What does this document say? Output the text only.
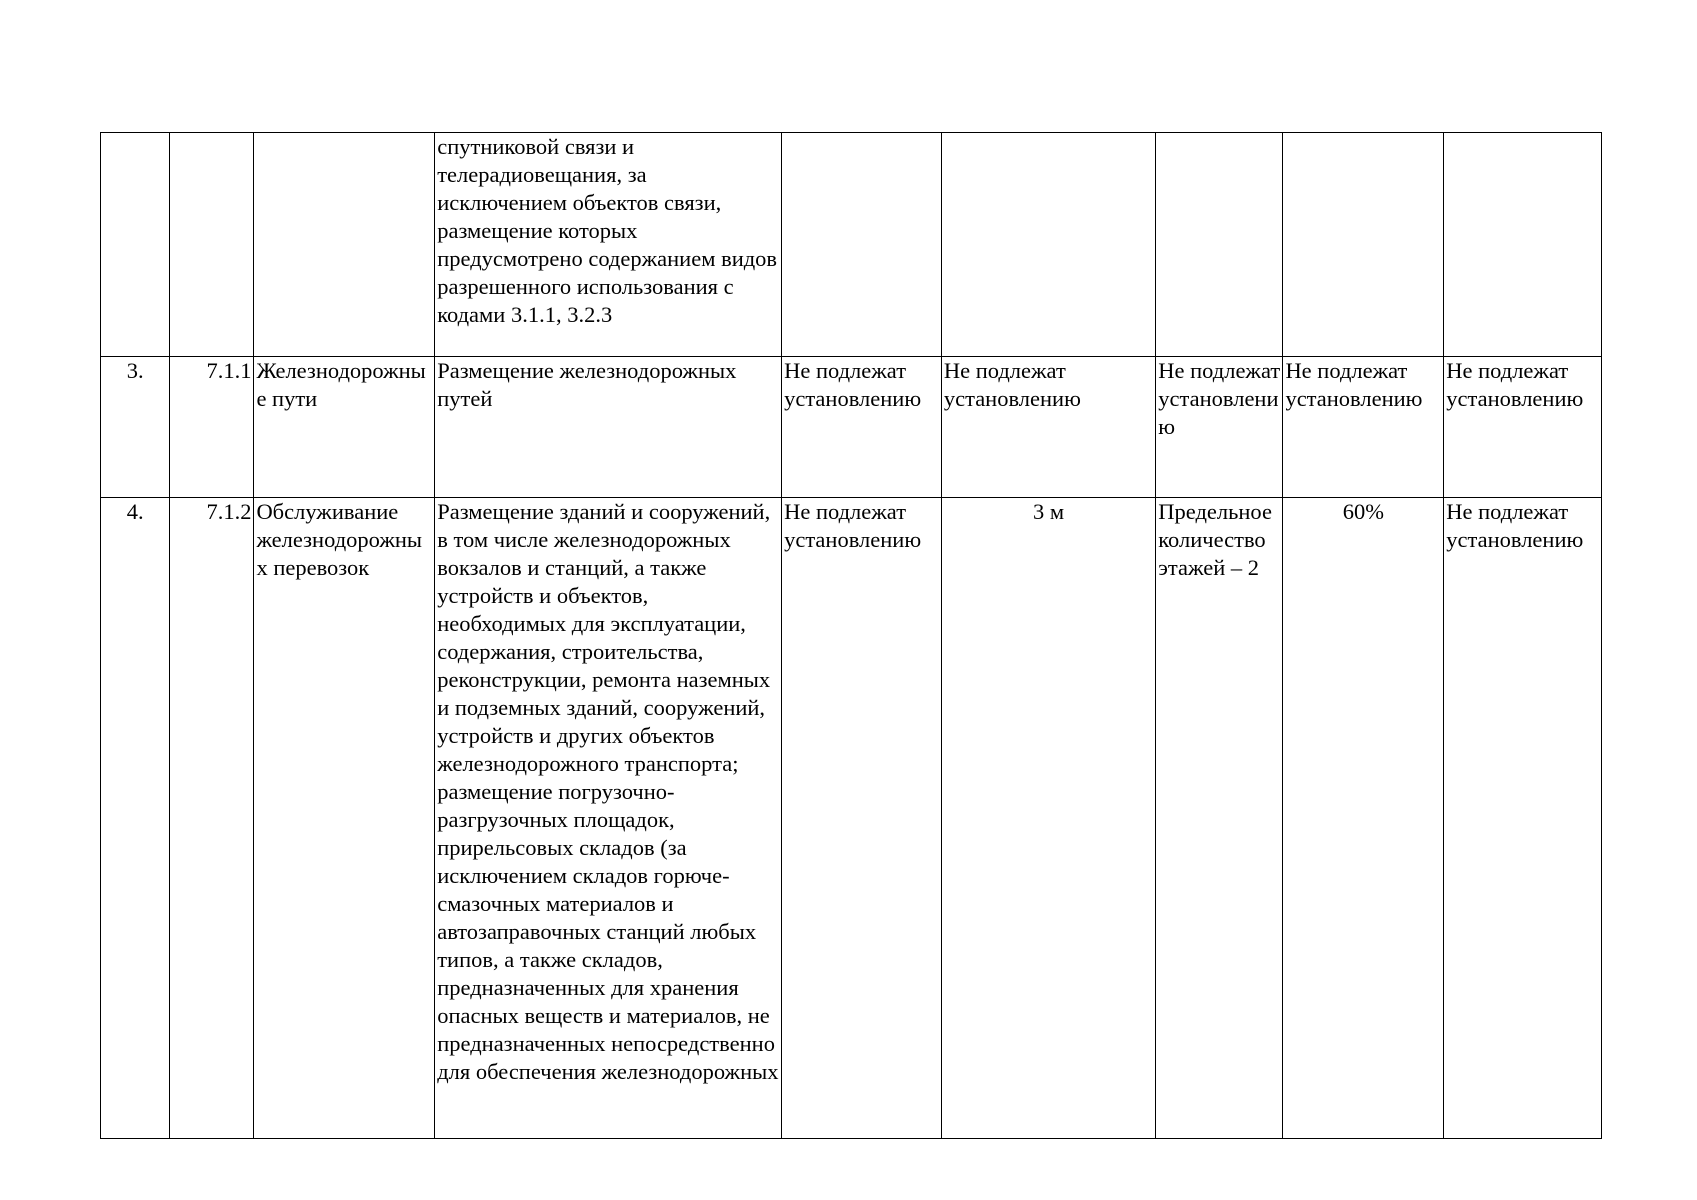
			спутниковой связи и телерадиовещания, за исключением объектов связи, размещение которых предусмотрено содержанием видов разрешенного использования с кодами 3.1.1, 3.2.3					

3.	7.1.1	Железнодорожные пути	Размещение железнодорожных путей	Не подлежат установлению	Не подлежат установлению	Не подлежат установлению	Не подлежат установлению	Не подлежат установлению
4.	7.1.2	Обслуживание железнодорожных перевозок	Размещение зданий и сооружений, в том числе железнодорожных вокзалов и станций, а также устройств и объектов, необходимых для эксплуатации, содержания, строительства, реконструкции, ремонта наземных и подземных зданий, сооружений, устройств и других объектов железнодорожного транспорта; размещение погрузочно-разгрузочных площадок, прирельсовых складов (за исключением складов горюче-смазочных материалов и автозаправочных станций любых типов, а также складов, предназначенных для хранения опасных веществ и материалов, не предназначенных непосредственно для обеспечения железнодорожных	Не подлежат установлению	3 м	Предельное количество этажей – 2	60%	Не подлежат установлению
